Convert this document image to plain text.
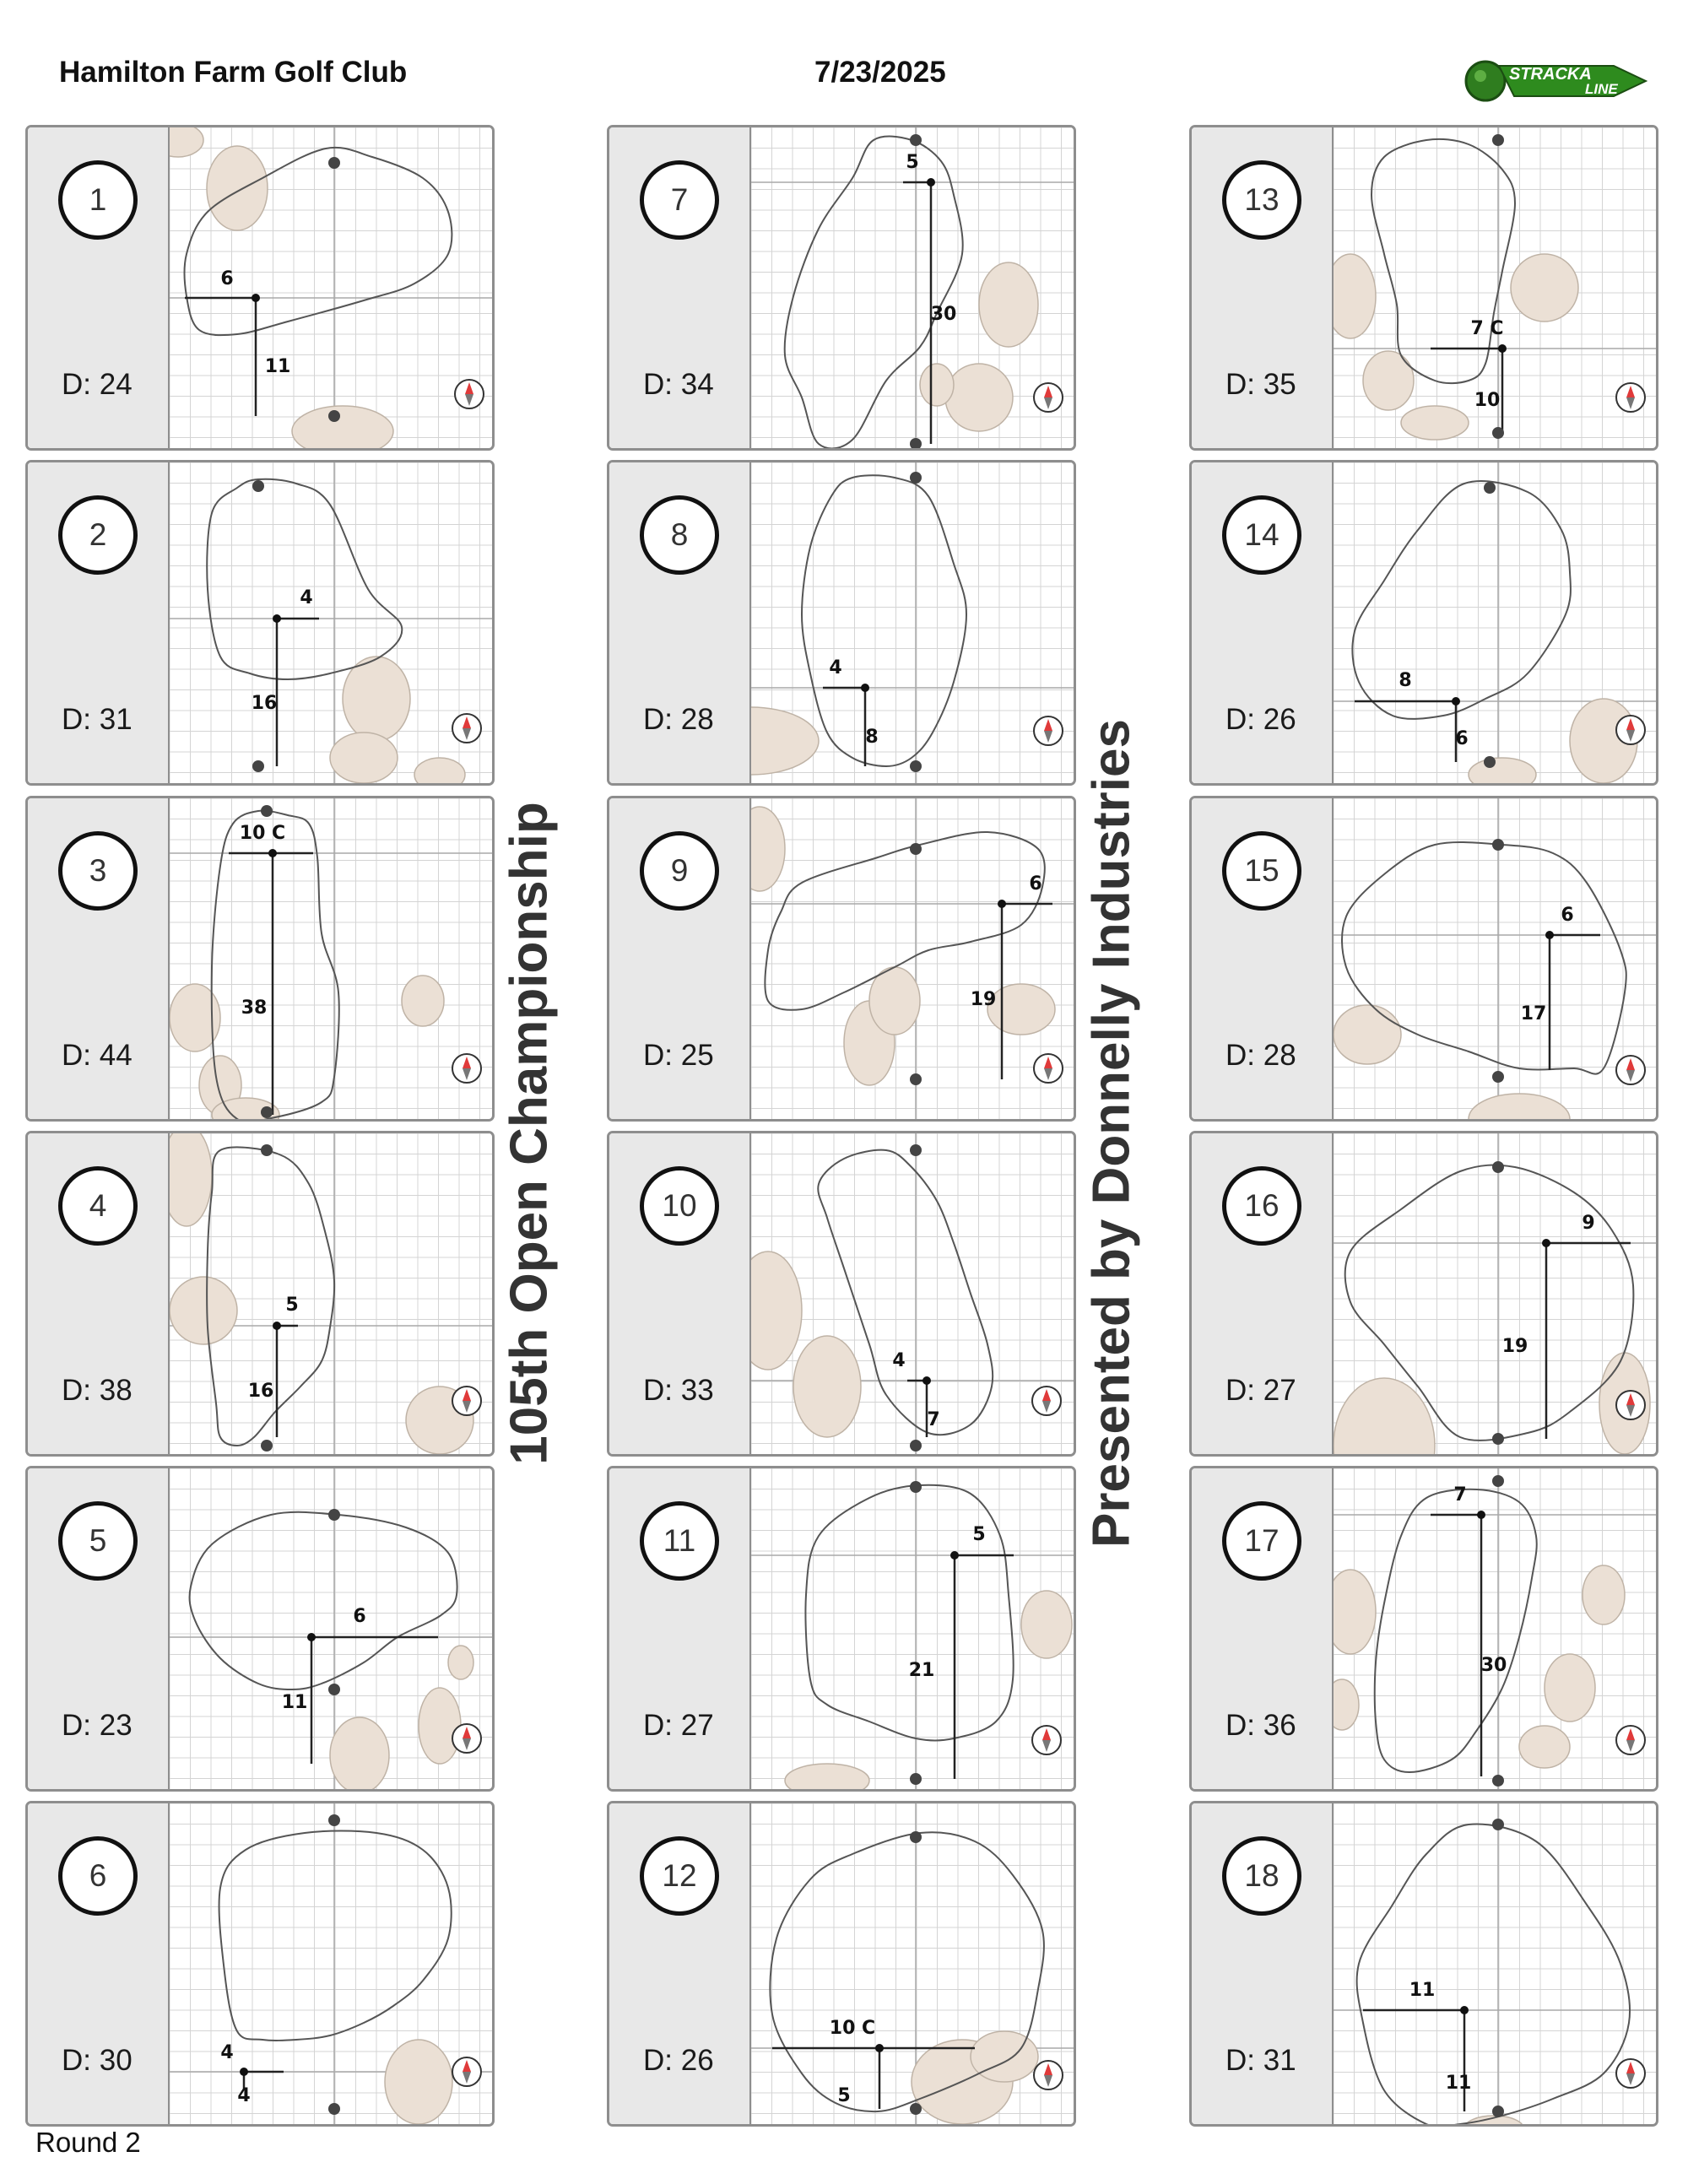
Hamilton Farm Golf Club	7/23/2025	STRACKA
LINE
105th Open Championship	Presented by Donnelly Industries
1
D: 24
6
11
2
D: 31
4
16
3
D: 44
10 C
38
4
D: 38
5
16
5
D: 23
6
11
6
D: 30	4
4
7
D: 34
5
30
8
D: 28
4
8
9
D: 25
6
19
10
D: 33
4
7
11
D: 27
5
21
12
D: 26
10 C
5
13
D: 35
7 C
10
14
D: 26
8
6
15
D: 28
6
17
16
D: 27
9
19
17
D: 36
7
30
18
D: 31
11
11
Round 2
